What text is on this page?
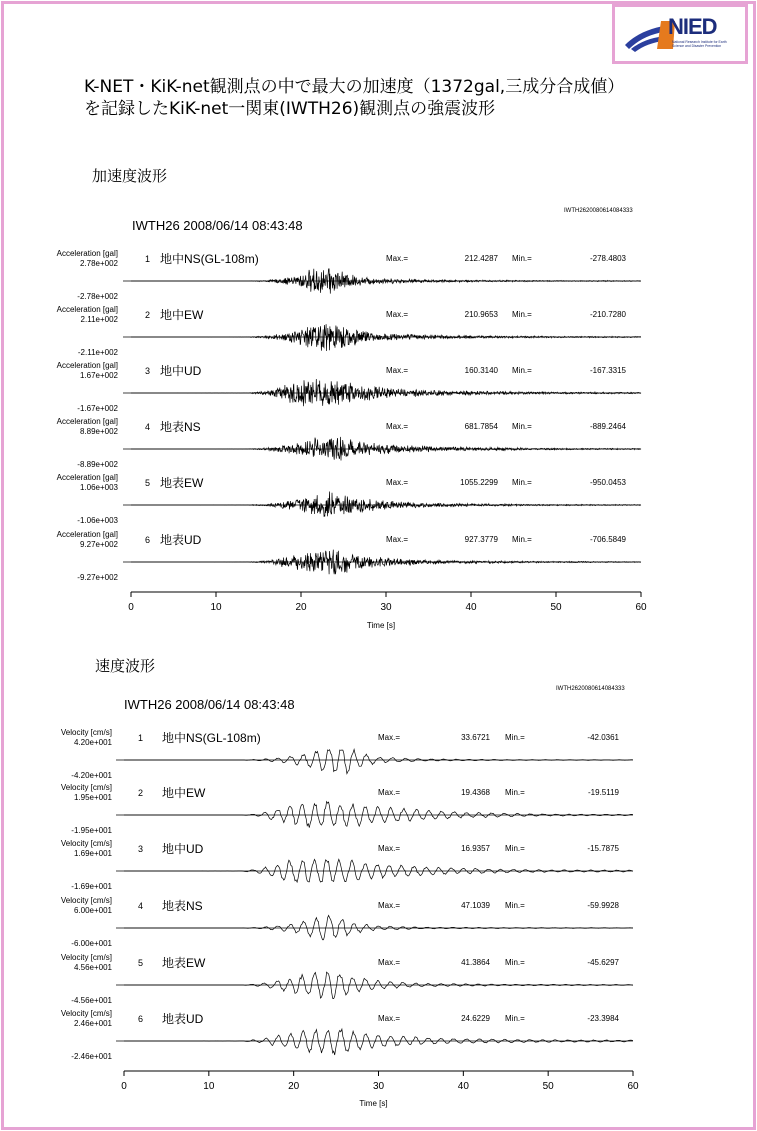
NIED
National Research Institute for Earth Science and Disaster Prevention
K-NET・KiK-net観測点の中で最大の加速度（1372gal,三成分合成値）
を記録したKiK-net一関東(IWTH26)観測点の強震波形
加速度波形
IWTH26 2008/06/14 08:43:48
IWTH2620080614084333
速度波形
IWTH26 2008/06/14 08:43:48
IWTH2620080614084333
Acceleration [gal]
2.78e+002
-2.78e+002
1 地中NS(GL-108m)	Max.=	212.4287 Min.=	-278.4803
Acceleration [gal]
2.11e+002
-2.11e+002
2 地中EW	Max.=	210.9653 Min.=	-210.7280
Acceleration [gal]
1.67e+002
-1.67e+002
3 地中UD	Max.=	160.3140 Min.=	-167.3315
Acceleration [gal]
8.89e+002
-8.89e+002
4 地表NS	Max.=	681.7854 Min.=	-889.2464
Acceleration [gal]
1.06e+003
-1.06e+003
5 地表EW	Max.=	1055.2299 Min.=	-950.0453
Acceleration [gal]
9.27e+002
-9.27e+002
6 地表UD	Max.=	927.3779 Min.=	-706.5849
0	10	20	30	40	50	60
Time [s]
Velocity [cm/s]
4.20e+001
-4.20e+001
1 地中NS(GL-108m)	Max.=	33.6721 Min.=	-42.0361
Velocity [cm/s]
1.95e+001
-1.95e+001
2 地中EW	Max.=	19.4368 Min.=	-19.5119
Velocity [cm/s]
1.69e+001
-1.69e+001
3 地中UD	Max.=	16.9357 Min.=	-15.7875
Velocity [cm/s]
6.00e+001
-6.00e+001
4 地表NS	Max.=	47.1039 Min.=	-59.9928
Velocity [cm/s]
4.56e+001
-4.56e+001
5 地表EW	Max.=	41.3864 Min.=	-45.6297
Velocity [cm/s]
2.46e+001
-2.46e+001
6 地表UD	Max.=	24.6229 Min.=	-23.3984
0	10	20	30	40	50	60
Time [s]
